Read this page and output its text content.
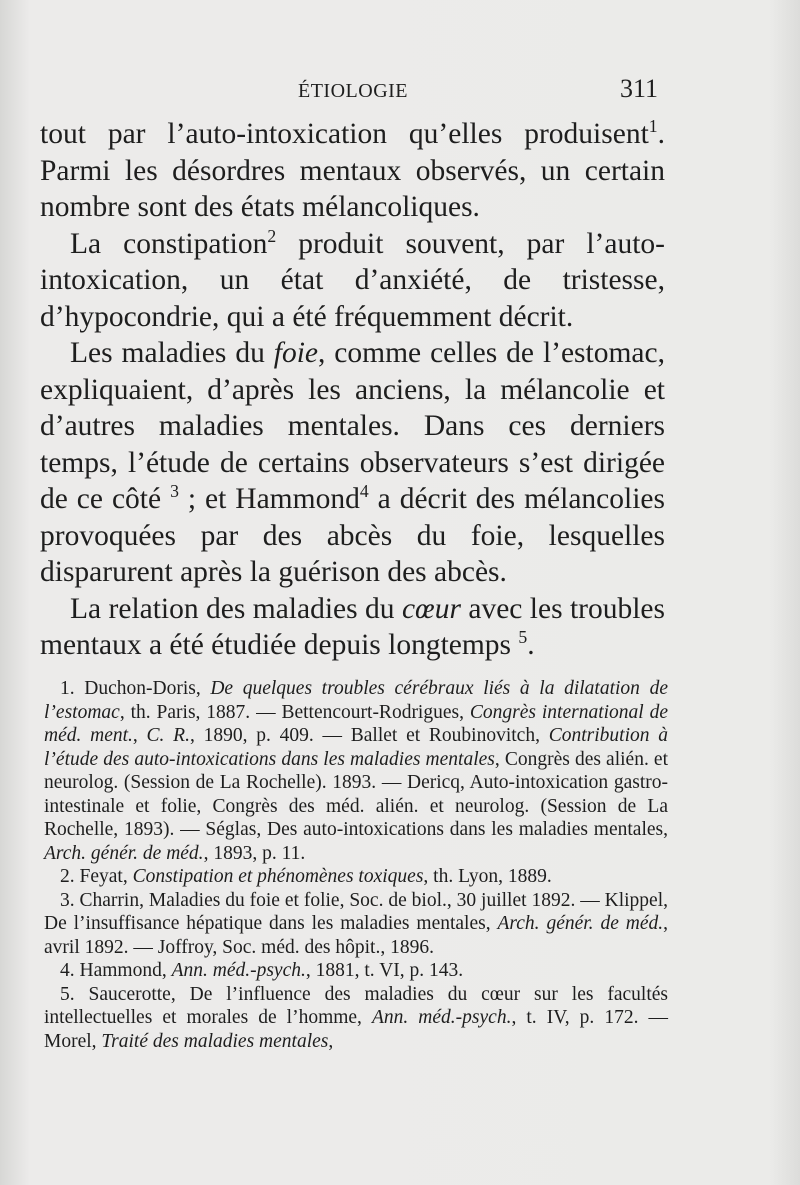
ÉTIOLOGIE	311

tout par l’auto-intoxication qu’elles produisent$^1$. Parmi les désordres mentaux observés, un certain nombre sont des états mélancoliques.

La constipation$^2$ produit souvent, par l’auto-intoxication, un état d’anxiété, de tristesse, d’hypocondrie, qui a été fréquemment décrit.

Les maladies du foie, comme celles de l’estomac, expliquaient, d’après les anciens, la mélancolie et d’autres maladies mentales. Dans ces derniers temps, l’étude de certains observateurs s’est dirigée de ce côté $^3$ ; et Hammond$^4$ a décrit des mélancolies provoquées par des abcès du foie, lesquelles disparurent après la guérison des abcès.

La relation des maladies du cœur avec les troubles mentaux a été étudiée depuis longtemps $^5$.

1. Duchon-Doris, De quelques troubles cérébraux liés à la dilatation de l’estomac, th. Paris, 1887. — Bettencourt-Rodrigues, Congrès international de méd. ment., C. R., 1890, p. 409. — Ballet et Roubinovitch, Contribution à l’étude des auto-intoxications dans les maladies mentales, Congrès des alién. et neurolog. (Session de La Rochelle). 1893. — Dericq, Auto-intoxication gastro-intestinale et folie, Congrès des méd. alién. et neurolog. (Session de La Rochelle, 1893). — Séglas, Des auto-intoxications dans les maladies mentales, Arch. génér. de méd., 1893, p. 11.

2. Feyat, Constipation et phénomènes toxiques, th. Lyon, 1889.

3. Charrin, Maladies du foie et folie, Soc. de biol., 30 juillet 1892. — Klippel, De l’insuffisance hépatique dans les maladies mentales, Arch. génér. de méd., avril 1892. — Joffroy, Soc. méd. des hôpit., 1896.

4. Hammond, Ann. méd.-psych., 1881, t. VI, p. 143.

5. Saucerotte, De l’influence des maladies du cœur sur les facultés intellectuelles et morales de l’homme, Ann. méd.-psych., t. IV, p. 172. — Morel, Traité des maladies mentales,
